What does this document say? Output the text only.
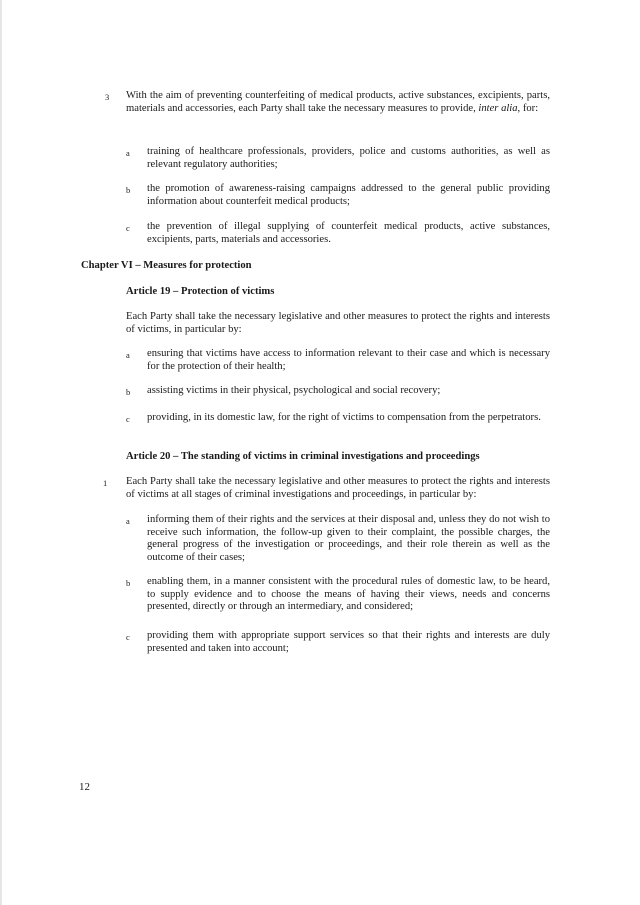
3 With the aim of preventing counterfeiting of medical products, active substances, excipients, parts, materials and accessories, each Party shall take the necessary measures to provide, inter alia, for:
a training of healthcare professionals, providers, police and customs authorities, as well as relevant regulatory authorities;
b the promotion of awareness-raising campaigns addressed to the general public providing information about counterfeit medical products;
c the prevention of illegal supplying of counterfeit medical products, active substances, excipients, parts, materials and accessories.
Chapter VI – Measures for protection
Article 19 – Protection of victims
Each Party shall take the necessary legislative and other measures to protect the rights and interests of victims, in particular by:
a ensuring that victims have access to information relevant to their case and which is necessary for the protection of their health;
b assisting victims in their physical, psychological and social recovery;
c providing, in its domestic law, for the right of victims to compensation from the perpetrators.
Article 20 – The standing of victims in criminal investigations and proceedings
1 Each Party shall take the necessary legislative and other measures to protect the rights and interests of victims at all stages of criminal investigations and proceedings, in particular by:
a informing them of their rights and the services at their disposal and, unless they do not wish to receive such information, the follow-up given to their complaint, the possible charges, the general progress of the investigation or proceedings, and their role therein as well as the outcome of their cases;
b enabling them, in a manner consistent with the procedural rules of domestic law, to be heard, to supply evidence and to choose the means of having their views, needs and concerns presented, directly or through an intermediary, and considered;
c providing them with appropriate support services so that their rights and interests are duly presented and taken into account;
12
